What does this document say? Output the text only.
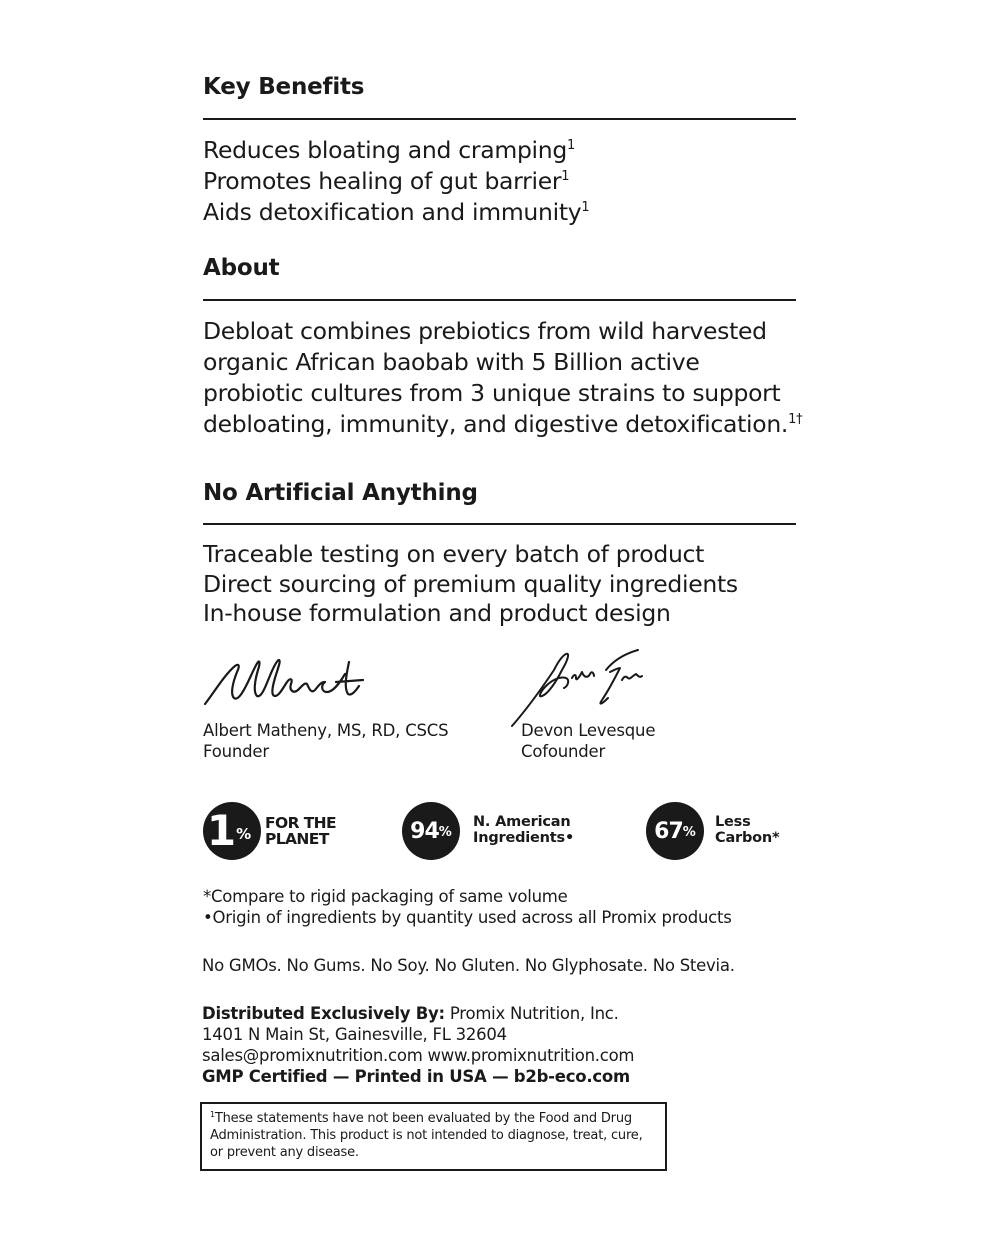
Key Benefits
Reduces bloating and cramping$^1$
Promotes healing of gut barrier$^1$
Aids detoxification and immunity$^1$
About
Debloat combines prebiotics from wild harvested
organic African baobab with 5 Billion active
probiotic cultures from 3 unique strains to support
debloating, immunity, and digestive detoxification.$^{1\dagger}$
No Artificial Anything
Traceable testing on every batch of product
Direct sourcing of premium quality ingredients
In-house formulation and product design
Albert Matheny, MS, RD, CSCS
Founder
Devon Levesque
Cofounder
1 %
FOR THE
PLANET	94 %
N. American
Ingredients•	67 %
Less
Carbon*
*Compare to rigid packaging of same volume
•Origin of ingredients by quantity used across all Promix products
No GMOs. No Gums. No Soy. No Gluten. No Glyphosate. No Stevia.
Distributed Exclusively By: Promix Nutrition, Inc.
1401 N Main St, Gainesville, FL 32604
sales@promixnutrition.com www.promixnutrition.com
GMP Certified — Printed in USA — b2b-eco.com
$^1$These statements have not been evaluated by the Food and Drug Administration. This product is not intended to diagnose, treat, cure, or prevent any disease.
